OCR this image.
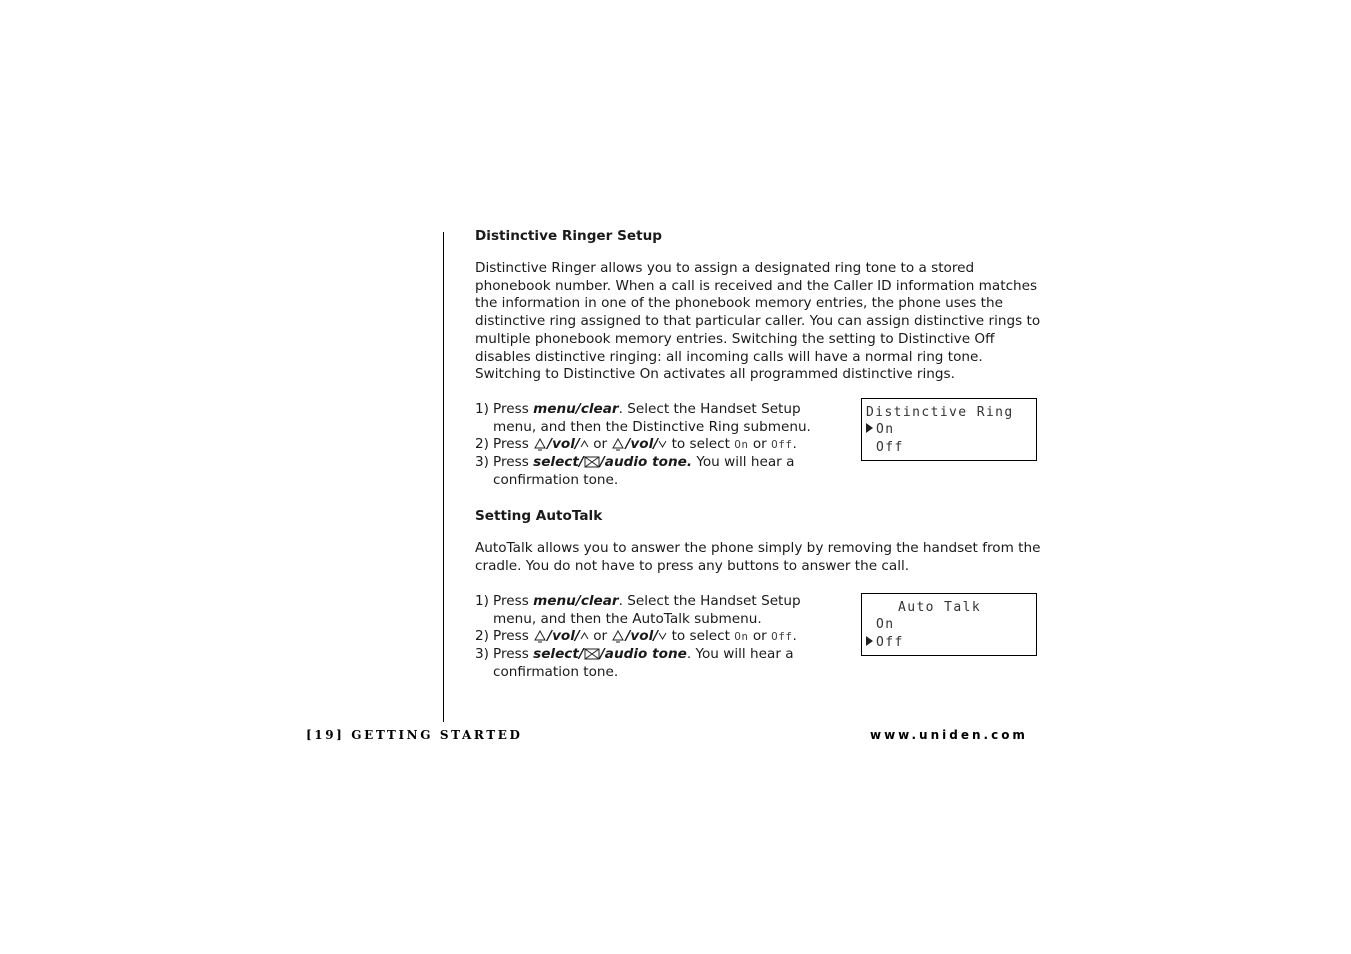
Distinctive Ringer Setup

Distinctive Ringer allows you to assign a designated ring tone to a stored phonebook number. When a call is received and the Caller ID information matches the information in one of the phonebook memory entries, the phone uses the distinctive ring assigned to that particular caller. You can assign distinctive rings to multiple phonebook memory entries. Switching the setting to Distinctive Off disables distinctive ringing: all incoming calls will have a normal ring tone. Switching to Distinctive On activates all programmed distinctive rings.

1) Press menu/clear. Select the Handset Setup menu, and then the Distinctive Ring submenu.
2) Press /vol/ or /vol/ to select On or Off.
3) Press select/ /audio tone. You will hear a confirmation tone.
Distinctive Ring
On
Off
Setting AutoTalk

AutoTalk allows you to answer the phone simply by removing the handset from the cradle. You do not have to press any buttons to answer the call.

1) Press menu/clear. Select the Handset Setup menu, and then the AutoTalk submenu.
2) Press /vol/ or /vol/ to select On or Off.
3) Press select/ /audio tone. You will hear a confirmation tone.
Auto Talk
On
Off
[19] GETTING STARTED	www.uniden.com
